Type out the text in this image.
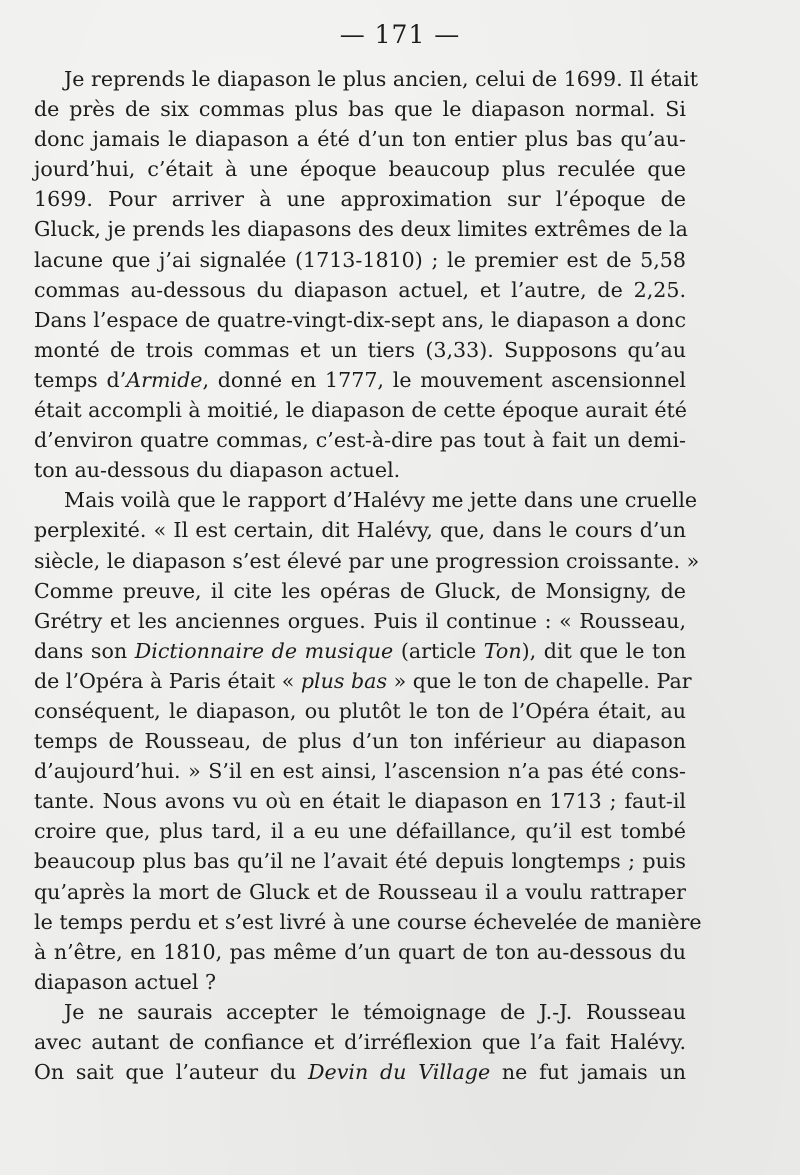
— 171 —
Je reprends le diapason le plus ancien, celui de 1699. Il était
de près de six commas plus bas que le diapason normal. Si
donc jamais le diapason a été d’un ton entier plus bas qu’au-
jourd’hui, c’était à une époque beaucoup plus reculée que
1699. Pour arriver à une approximation sur l’époque de
Gluck, je prends les diapasons des deux limites extrêmes de la
lacune que j’ai signalée (1713-1810) ; le premier est de 5,58
commas au-dessous du diapason actuel, et l’autre, de 2,25.
Dans l’espace de quatre-vingt-dix-sept ans, le diapason a donc
monté de trois commas et un tiers (3,33). Supposons qu’au
temps d’Armide, donné en 1777, le mouvement ascensionnel
était accompli à moitié, le diapason de cette époque aurait été
d’environ quatre commas, c’est-à-dire pas tout à fait un demi-
ton au-dessous du diapason actuel.
Mais voilà que le rapport d’Halévy me jette dans une cruelle
perplexité. « Il est certain, dit Halévy, que, dans le cours d’un
siècle, le diapason s’est élevé par une progression croissante. »
Comme preuve, il cite les opéras de Gluck, de Monsigny, de
Grétry et les anciennes orgues. Puis il continue : « Rousseau,
dans son Dictionnaire de musique (article Ton), dit que le ton
de l’Opéra à Paris était « plus bas » que le ton de chapelle. Par
conséquent, le diapason, ou plutôt le ton de l’Opéra était, au
temps de Rousseau, de plus d’un ton inférieur au diapason
d’aujourd’hui. » S’il en est ainsi, l’ascension n’a pas été cons-
tante. Nous avons vu où en était le diapason en 1713 ; faut-il
croire que, plus tard, il a eu une défaillance, qu’il est tombé
beaucoup plus bas qu’il ne l’avait été depuis longtemps ; puis
qu’après la mort de Gluck et de Rousseau il a voulu rattraper
le temps perdu et s’est livré à une course échevelée de manière
à n’être, en 1810, pas même d’un quart de ton au-dessous du
diapason actuel ?
Je ne saurais accepter le témoignage de J.-J. Rousseau
avec autant de confiance et d’irréflexion que l’a fait Halévy.
On sait que l’auteur du Devin du Village ne fut jamais un
